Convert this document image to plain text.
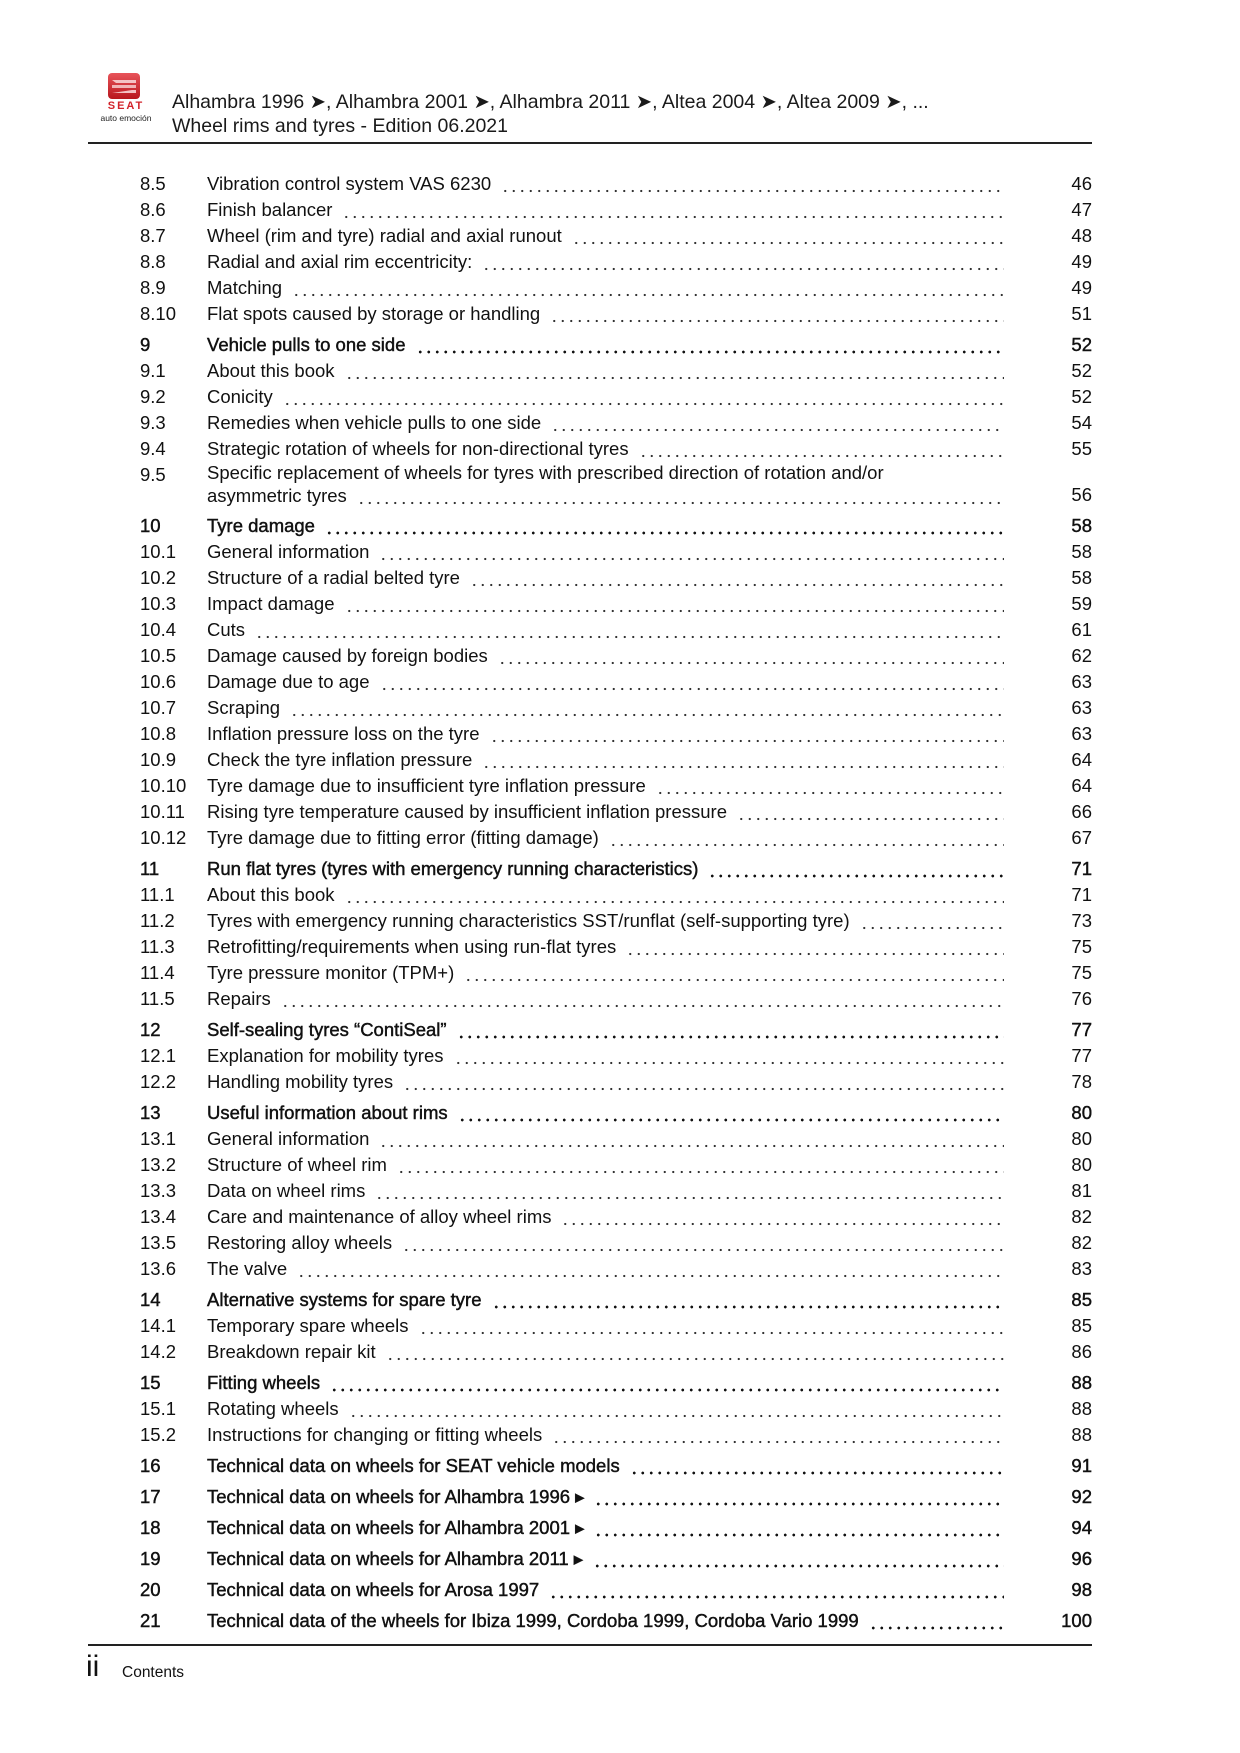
SEAT
auto emoción
Alhambra 1996 ➤, Alhambra 2001 ➤, Alhambra 2011 ➤, Altea 2004 ➤, Altea 2009 ➤, ...
Wheel rims and tyres - Edition 06.2021
8.5	Vibration control system VAS 6230	46
8.6	Finish balancer	47
8.7	Wheel (rim and tyre) radial and axial runout	48
8.8	Radial and axial rim eccentricity:	49
8.9	Matching	49
8.10	Flat spots caused by storage or handling	51
9	Vehicle pulls to one side	52
9.1	About this book	52
9.2	Conicity	52
9.3	Remedies when vehicle pulls to one side	54
9.4	Strategic rotation of wheels for non-directional tyres	55
9.5	Specific replacement of wheels for tyres with prescribed direction of rotation and/or
asymmetric tyres	56
10	Tyre damage	58
10.1	General information	58
10.2	Structure of a radial belted tyre	58
10.3	Impact damage	59
10.4	Cuts	61
10.5	Damage caused by foreign bodies	62
10.6	Damage due to age	63
10.7	Scraping	63
10.8	Inflation pressure loss on the tyre	63
10.9	Check the tyre inflation pressure	64
10.10	Tyre damage due to insufficient tyre inflation pressure	64
10.11	Rising tyre temperature caused by insufficient inflation pressure	66
10.12	Tyre damage due to fitting error (fitting damage)	67
11	Run flat tyres (tyres with emergency running characteristics)	71
11.1	About this book	71
11.2	Tyres with emergency running characteristics SST/runflat (self-supporting tyre)	73
11.3	Retrofitting/requirements when using run-flat tyres	75
11.4	Tyre pressure monitor (TPM+)	75
11.5	Repairs	76
12	Self-sealing tyres “ContiSeal”	77
12.1	Explanation for mobility tyres	77
12.2	Handling mobility tyres	78
13	Useful information about rims	80
13.1	General information	80
13.2	Structure of wheel rim	80
13.3	Data on wheel rims	81
13.4	Care and maintenance of alloy wheel rims	82
13.5	Restoring alloy wheels	82
13.6	The valve	83
14	Alternative systems for spare tyre	85
14.1	Temporary spare wheels	85
14.2	Breakdown repair kit	86
15	Fitting wheels	88
15.1	Rotating wheels	88
15.2	Instructions for changing or fitting wheels	88
16	Technical data on wheels for SEAT vehicle models	91
17	Technical data on wheels for Alhambra 1996 ▸	92
18	Technical data on wheels for Alhambra 2001 ▸	94
19	Technical data on wheels for Alhambra 2011 ▸	96
20	Technical data on wheels for Arosa 1997	98
21	Technical data of the wheels for Ibiza 1999, Cordoba 1999, Cordoba Vario 1999	100
ii Contents
